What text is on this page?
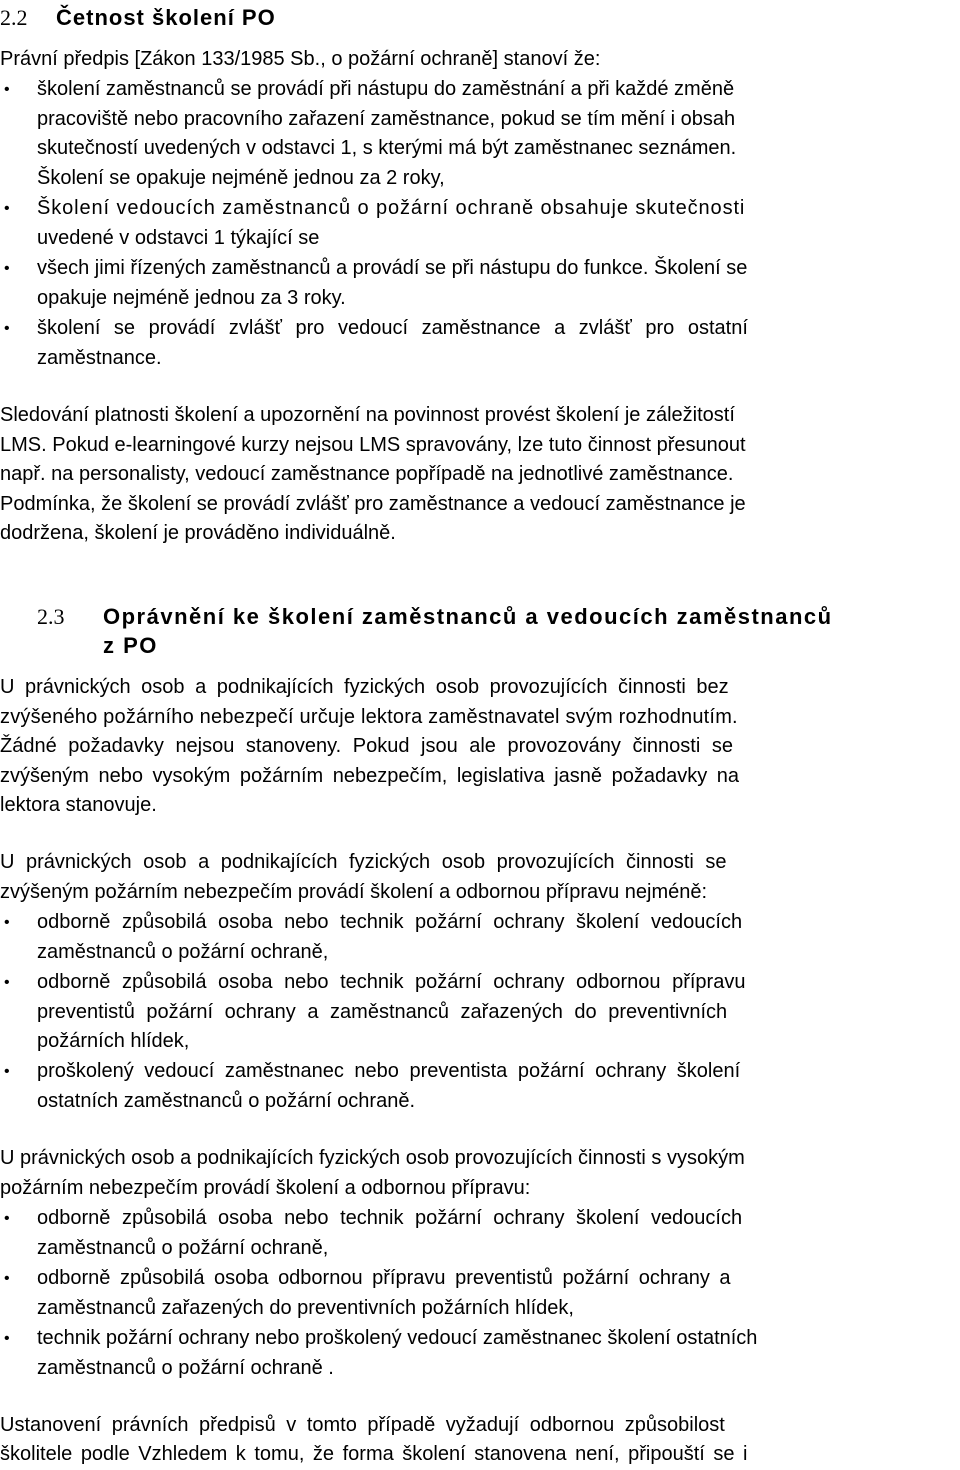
2.2 Četnost školení PO
Právní předpis [Zákon 133/1985 Sb., o požární ochraně] stanoví že:
• školení zaměstnanců se provádí při nástupu do zaměstnání a při každé změně
pracoviště nebo pracovního zařazení zaměstnance, pokud se tím mění i obsah
skutečností uvedených v odstavci 1, s kterými má být zaměstnanec seznámen.
Školení se opakuje nejméně jednou za 2 roky,
• Školení vedoucích zaměstnanců o požární ochraně obsahuje skutečnosti
uvedené v odstavci 1 týkající se
• všech jimi řízených zaměstnanců a provádí se při nástupu do funkce. Školení se
opakuje nejméně jednou za 3 roky.
• školení se provádí zvlášť pro vedoucí zaměstnance a zvlášť pro ostatní
zaměstnance.
Sledování platnosti školení a upozornění na povinnost provést školení je záležitostí
LMS. Pokud e-learningové kurzy nejsou LMS spravovány, lze tuto činnost přesunout
např. na personalisty, vedoucí zaměstnance popřípadě na jednotlivé zaměstnance.
Podmínka, že školení se provádí zvlášť pro zaměstnance a vedoucí zaměstnance je
dodržena, školení je prováděno individuálně.
2.3 Oprávnění ke školení zaměstnanců a vedoucích zaměstnanců
z PO
U právnických osob a podnikajících fyzických osob provozujících činnosti bez
zvýšeného požárního nebezpečí určuje lektora zaměstnavatel svým rozhodnutím.
Žádné požadavky nejsou stanoveny. Pokud jsou ale provozovány činnosti se
zvýšeným nebo vysokým požárním nebezpečím, legislativa jasně požadavky na
lektora stanovuje.
U právnických osob a podnikajících fyzických osob provozujících činnosti se
zvýšeným požárním nebezpečím provádí školení a odbornou přípravu nejméně:
• odborně způsobilá osoba nebo technik požární ochrany školení vedoucích
zaměstnanců o požární ochraně,
• odborně způsobilá osoba nebo technik požární ochrany odbornou přípravu
preventistů požární ochrany a zaměstnanců zařazených do preventivních
požárních hlídek,
• proškolený vedoucí zaměstnanec nebo preventista požární ochrany školení
ostatních zaměstnanců o požární ochraně.
U právnických osob a podnikajících fyzických osob provozujících činnosti s vysokým
požárním nebezpečím provádí školení a odbornou přípravu:
• odborně způsobilá osoba nebo technik požární ochrany školení vedoucích
zaměstnanců o požární ochraně,
• odborně způsobilá osoba odbornou přípravu preventistů požární ochrany a
zaměstnanců zařazených do preventivních požárních hlídek,
• technik požární ochrany nebo proškolený vedoucí zaměstnanec školení ostatních
zaměstnanců o požární ochraně .
Ustanovení právních předpisů v tomto případě vyžadují odbornou způsobilost
školitele podle Vzhledem k tomu, že forma školení stanovena není, připouští se i
